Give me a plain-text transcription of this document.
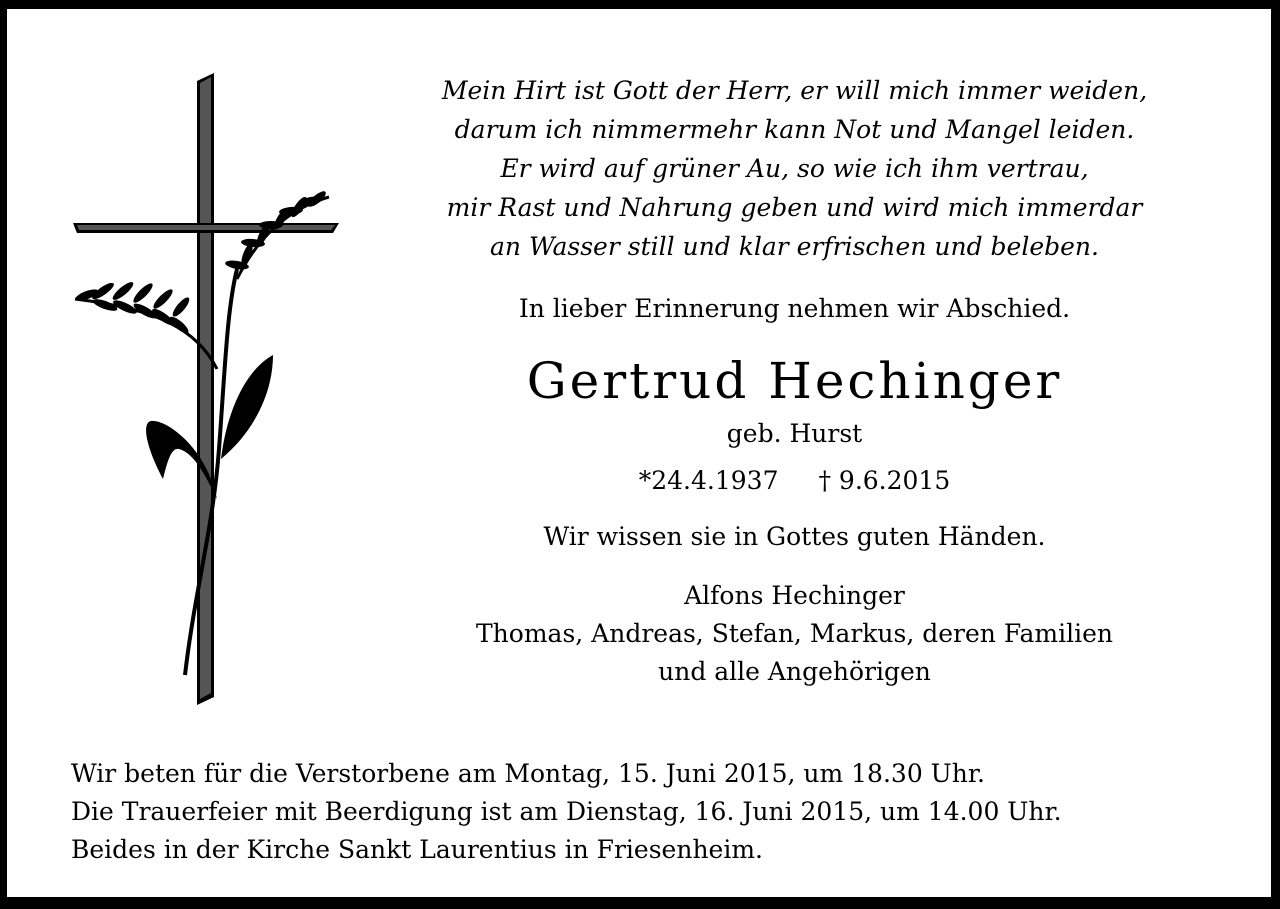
Mein Hirt ist Gott der Herr, er will mich immer weiden,
darum ich nimmermehr kann Not und Mangel leiden.
Er wird auf grüner Au, so wie ich ihm vertrau,
mir Rast und Nahrung geben und wird mich immerdar
an Wasser still und klar erfrischen und beleben.
In lieber Erinnerung nehmen wir Abschied.
Gertrud Hechinger
geb. Hurst
*24.4.1937 † 9.6.2015
Wir wissen sie in Gottes guten Händen.
Alfons Hechinger
Thomas, Andreas, Stefan, Markus, deren Familien
und alle Angehörigen
Wir beten für die Verstorbene am Montag, 15. Juni 2015, um 18.30 Uhr.
Die Trauerfeier mit Beerdigung ist am Dienstag, 16. Juni 2015, um 14.00 Uhr.
Beides in der Kirche Sankt Laurentius in Friesenheim.
